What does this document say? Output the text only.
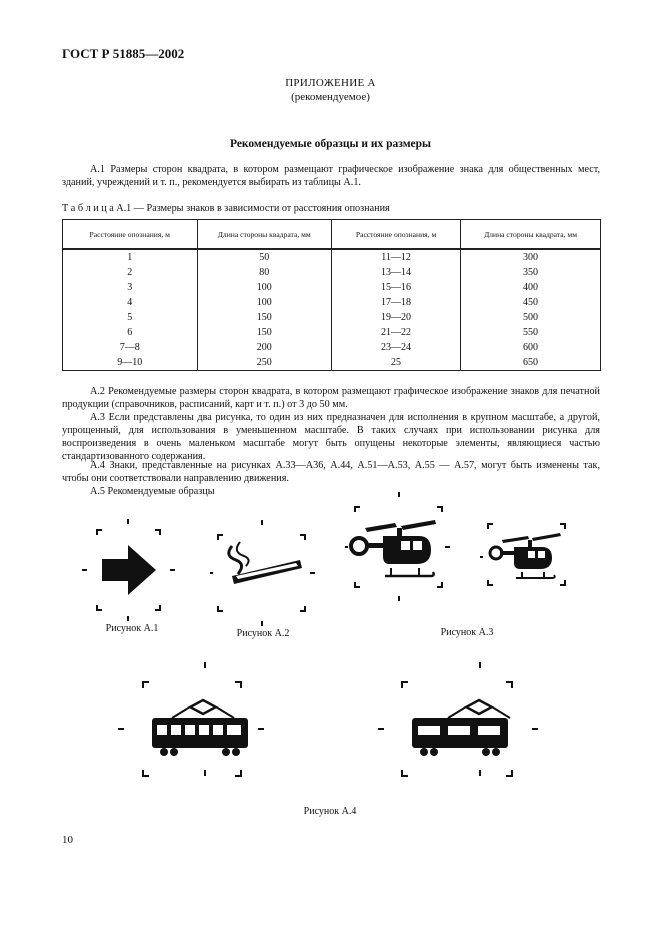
ГОСТ Р 51885—2002
ПРИЛОЖЕНИЕ А
(рекомендуемое)
Рекомендуемые образцы и их размеры
А.1 Размеры сторон квадрата, в котором размещают графическое изображение знака для общественных мест, зданий, учреждений и т. п., рекомендуется выбирать из таблицы А.1.
Т а б л и ц а А.1 — Размеры знаков в зависимости от расстояния опознания
Расстояние опознания, м	Длина стороны квадрата, мм	Расстояние опознания, м	Длина стороны квадрата, мм
1	50	11—12	300
2	80	13—14	350
3	100	15—16	400
4	100	17—18	450
5	150	19—20	500
6	150	21—22	550
7—8	200	23—24	600
9—10	250	25	650
А.2 Рекомендуемые размеры сторон квадрата, в котором размещают графическое изображение знаков для печатной продукции (справочников, расписаний, карт и т. п.) от 3 до 50 мм.
А.3 Если представлены два рисунка, то один из них предназначен для исполнения в крупном масштабе, а другой, упрощенный, для использования в уменьшенном масштабе. В таких случаях при использовании рисунка для воспроизведения в очень маленьком масштабе могут быть опущены некоторые элементы, являющиеся частью стандартизованного содержания.
А.4 Знаки, представленные на рисунках А.33—А36, А.44, А.51—А.53, А.55 — А.57, могут быть изменены так, чтобы они соответствовали направлению движения.
А.5 Рекомендуемые образцы
Рисунок А.1	Рисунок А.2	Рисунок А.3
Рисунок А.4
10
